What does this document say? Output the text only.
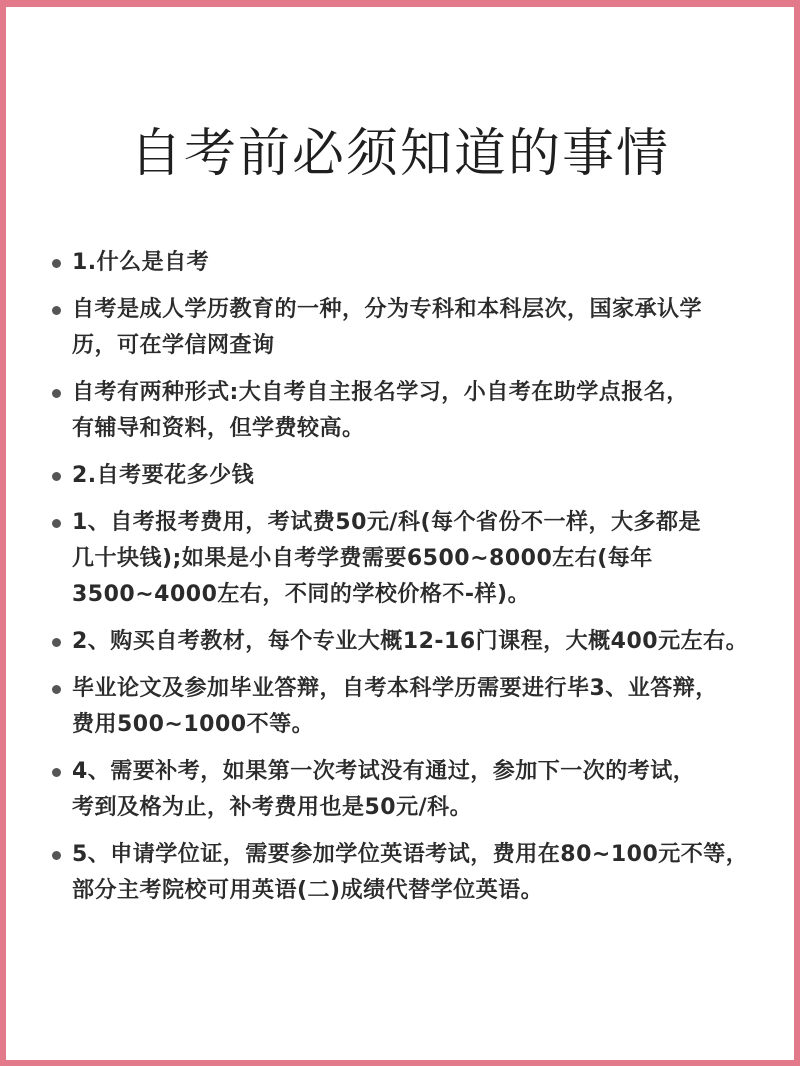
自考前必须知道的事情
1.什么是自考
自考是成人学历教育的一种，分为专科和本科层次，国家承认学
历，可在学信网查询
自考有两种形式:大自考自主报名学习，小自考在助学点报名，
有辅导和资料，但学费较高。
2.自考要花多少钱
1、自考报考费用，考试费50元/科(每个省份不一样，大多都是
几十块钱);如果是小自考学费需要6500~8000左右(每年
3500~4000左右，不同的学校价格不-样)。
2、购买自考教材，每个专业大概12-16门课程，大概400元左右。
毕业论文及参加毕业答辩，自考本科学历需要进行毕3、业答辩，
费用500~1000不等。
4、需要补考，如果第一次考试没有通过，参加下一次的考试，
考到及格为止，补考费用也是50元/科。
5、申请学位证，需要参加学位英语考试，费用在80~100元不等，
部分主考院校可用英语(二)成绩代替学位英语。
